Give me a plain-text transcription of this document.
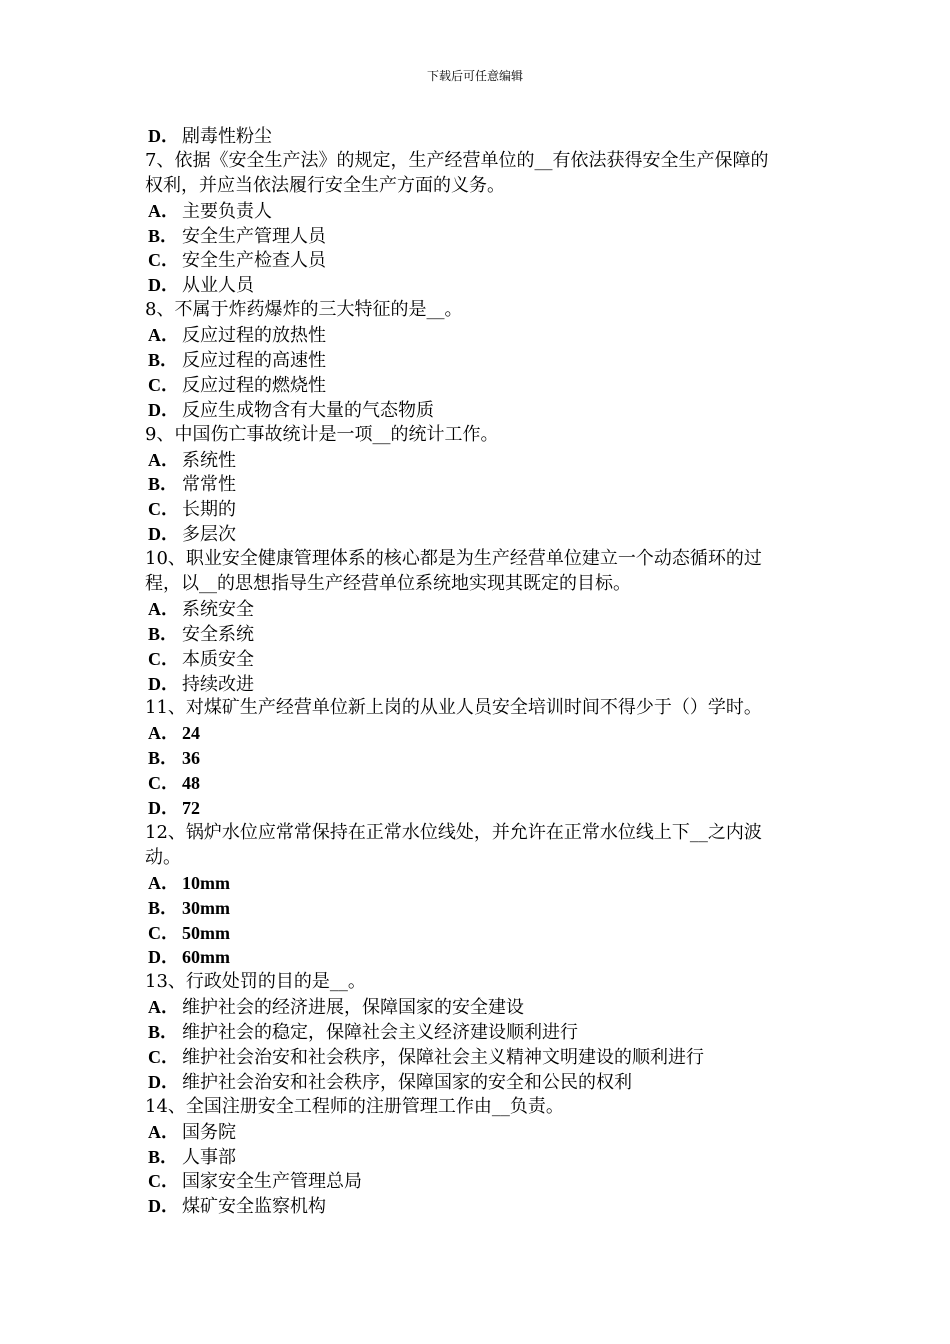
下载后可任意编辑
D． 剧毒性粉尘
7、依据《安全生产法》的规定，生产经营单位的__有依法获得安全生产保障的
权利，并应当依法履行安全生产方面的义务。
A． 主要负责人
B． 安全生产管理人员
C． 安全生产检查人员
D． 从业人员
8、不属于炸药爆炸的三大特征的是__。
A． 反应过程的放热性
B． 反应过程的高速性
C． 反应过程的燃烧性
D． 反应生成物含有大量的气态物质
9、中国伤亡事故统计是一项__的统计工作。
A． 系统性
B． 常常性
C． 长期的
D． 多层次
10、职业安全健康管理体系的核心都是为生产经营单位建立一个动态循环的过
程，以__的思想指导生产经营单位系统地实现其既定的目标。
A． 系统安全
B． 安全系统
C． 本质安全
D． 持续改进
11、对煤矿生产经营单位新上岗的从业人员安全培训时间不得少于（）学时。
A． 24
B． 36
C． 48
D． 72
12、锅炉水位应常常保持在正常水位线处，并允许在正常水位线上下__之内波
动。
A． 10mm
B． 30mm
C． 50mm
D． 60mm
13、行政处罚的目的是__。
A． 维护社会的经济进展，保障国家的安全建设
B． 维护社会的稳定，保障社会主义经济建设顺利进行
C． 维护社会治安和社会秩序，保障社会主义精神文明建设的顺利进行
D． 维护社会治安和社会秩序，保障国家的安全和公民的权利
14、全国注册安全工程师的注册管理工作由__负责。
A． 国务院
B． 人事部
C． 国家安全生产管理总局
D． 煤矿安全监察机构
